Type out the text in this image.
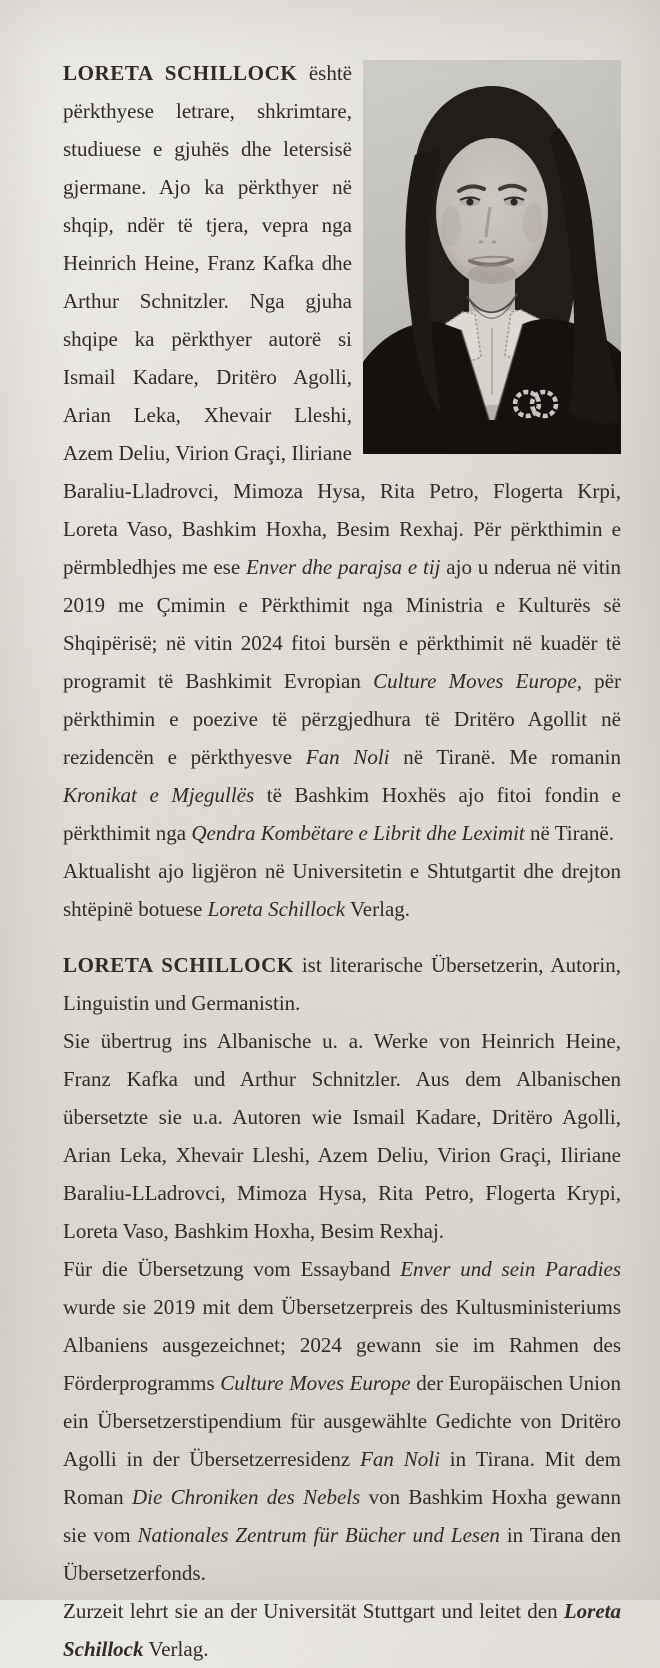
LORETA SCHILLOCK është përkthyese letrare, shkrimtare, studiuese e gjuhës dhe letersisë gjermane. Ajo ka përkthyer në shqip, ndër të tjera, vepra nga Heinrich Heine, Franz Kafka dhe Arthur Schnitzler. Nga gjuha shqipe ka përkthyer autorë si Ismail Kadare, Dritëro Agolli, Arian Leka, Xhevair Lleshi, Azem Deliu, Virion Graçi, Iliriane Baraliu-Lladrovci, Mimoza Hysa, Rita Petro, Flogerta Krpi, Loreta Vaso, Bashkim Hoxha, Besim Rexhaj. Për përkthimin e përmbledhjes me ese Enver dhe parajsa e tij ajo u nderua në vitin 2019 me Çmimin e Përkthimit nga Ministria e Kulturës së Shqipërisë; në vitin 2024 fitoi bursën e përkthimit në kuadër të programit të Bashkimit Evropian Culture Moves Europe, për përkthimin e poezive të përzgjedhura të Dritëro Agollit në rezidencën e përkthyesve Fan Noli në Tiranë. Me romanin Kronikat e Mjegullës të Bashkim Hoxhës ajo fitoi fondin e përkthimit nga Qendra Kombëtare e Librit dhe Leximit në Tiranë.
Aktualisht ajo ligjëron në Universitetin e Shtutgartit dhe drejton shtëpinë botuese Loreta Schillock Verlag.

LORETA SCHILLOCK ist literarische Übersetzerin, Autorin, Linguistin und Germanistin.
Sie übertrug ins Albanische u. a. Werke von Heinrich Heine, Franz Kafka und Arthur Schnitzler. Aus dem Albanischen übersetzte sie u.a. Autoren wie Ismail Kadare, Dritëro Agolli, Arian Leka, Xhevair Lleshi, Azem Deliu, Virion Graçi, Iliriane Baraliu-LLadrovci, Mimoza Hysa, Rita Petro, Flogerta Krypi, Loreta Vaso, Bashkim Hoxha, Besim Rexhaj.
Für die Übersetzung vom Essayband Enver und sein Paradies wurde sie 2019 mit dem Übersetzerpreis des Kultusministeriums Albaniens ausgezeichnet; 2024 gewann sie im Rahmen des Förderprogramms Culture Moves Europe der Europäischen Union ein Übersetzerstipendium für ausgewählte Gedichte von Dritëro Agolli in der Übersetzerresidenz Fan Noli in Tirana. Mit dem Roman Die Chroniken des Nebels von Bashkim Hoxha gewann sie vom Nationales Zentrum für Bücher und Lesen in Tirana den Übersetzerfonds.
Zurzeit lehrt sie an der Universität Stuttgart und leitet den Loreta Schillock Verlag.
